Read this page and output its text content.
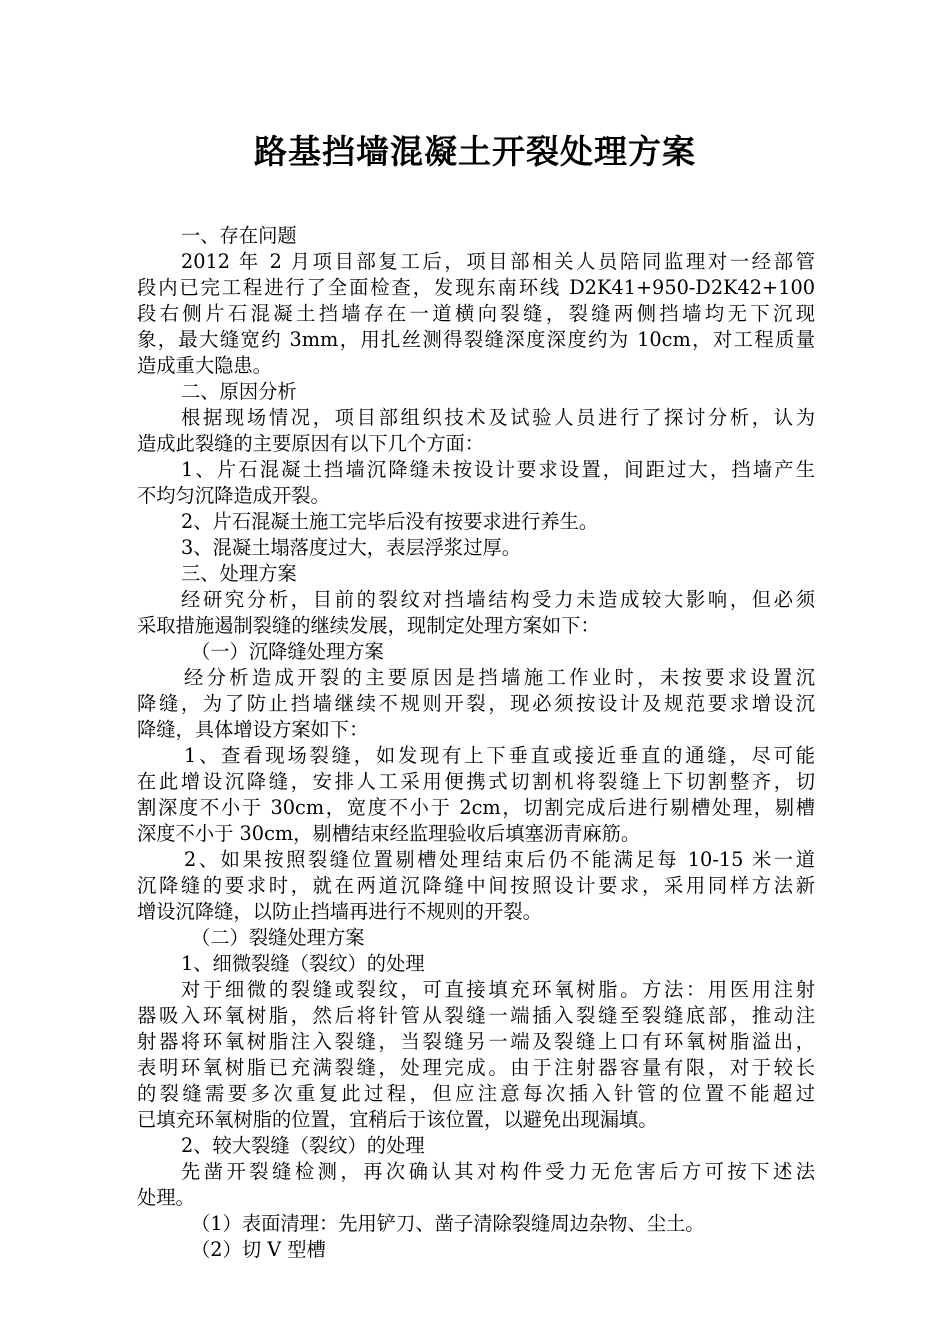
路基挡墙混凝土开裂处理方案
一、存在问题
2012 年 2 月项目部复工后，项目部相关人员陪同监理对一经部管
段内已完工程进行了全面检查，发现东南环线 D2K41+950-D2K42+100
段右侧片石混凝土挡墙存在一道横向裂缝，裂缝两侧挡墙均无下沉现
象，最大缝宽约 3mm，用扎丝测得裂缝深度深度约为 10cm，对工程质量
造成重大隐患。
二、原因分析
根据现场情况，项目部组织技术及试验人员进行了探讨分析，认为
造成此裂缝的主要原因有以下几个方面：
1、片石混凝土挡墙沉降缝未按设计要求设置，间距过大，挡墙产生
不均匀沉降造成开裂。
2、片石混凝土施工完毕后没有按要求进行养生。
3、混凝土塌落度过大，表层浮浆过厚。
三、处理方案
经研究分析，目前的裂纹对挡墙结构受力未造成较大影响，但必须
采取措施遏制裂缝的继续发展，现制定处理方案如下：
（一）沉降缝处理方案
经分析造成开裂的主要原因是挡墙施工作业时，未按要求设置沉
降缝，为了防止挡墙继续不规则开裂，现必须按设计及规范要求增设沉
降缝，具体增设方案如下：
1、查看现场裂缝，如发现有上下垂直或接近垂直的通缝，尽可能
在此增设沉降缝，安排人工采用便携式切割机将裂缝上下切割整齐，切
割深度不小于 30cm，宽度不小于 2cm，切割完成后进行剔槽处理，剔槽
深度不小于 30cm，剔槽结束经监理验收后填塞沥青麻筋。
2、如果按照裂缝位置剔槽处理结束后仍不能满足每 10-15 米一道
沉降缝的要求时，就在两道沉降缝中间按照设计要求，采用同样方法新
增设沉降缝，以防止挡墙再进行不规则的开裂。
（二）裂缝处理方案
1、细微裂缝（裂纹）的处理
对于细微的裂缝或裂纹，可直接填充环氧树脂。方法：用医用注射
器吸入环氧树脂，然后将针管从裂缝一端插入裂缝至裂缝底部，推动注
射器将环氧树脂注入裂缝，当裂缝另一端及裂缝上口有环氧树脂溢出，
表明环氧树脂已充满裂缝，处理完成。由于注射器容量有限，对于较长
的裂缝需要多次重复此过程，但应注意每次插入针管的位置不能超过
已填充环氧树脂的位置，宜稍后于该位置，以避免出现漏填。
2、较大裂缝（裂纹）的处理
先凿开裂缝检测，再次确认其对构件受力无危害后方可按下述法
处理。
（1）表面清理：先用铲刀、凿子清除裂缝周边杂物、尘土。
（2）切 V 型槽
